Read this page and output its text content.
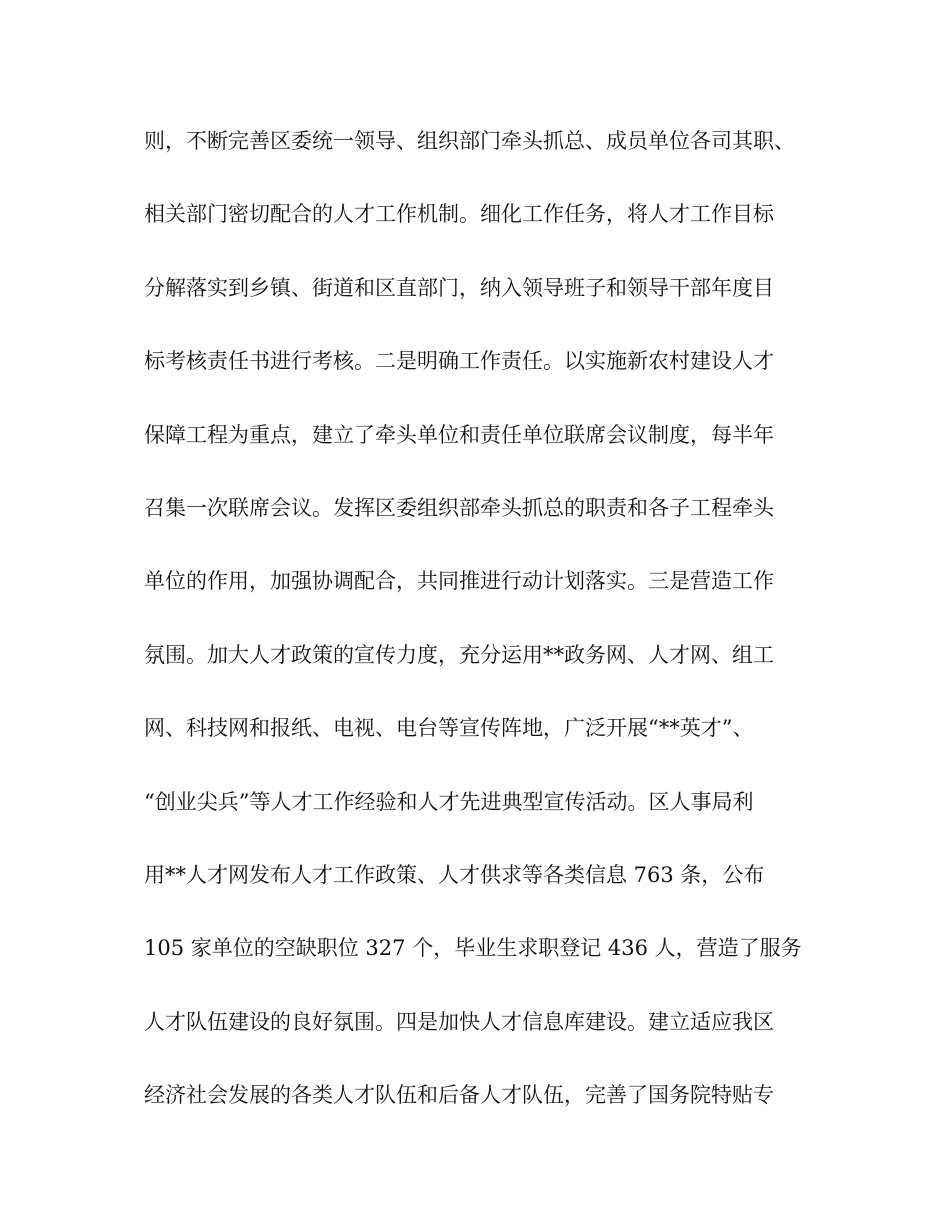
则，不断完善区委统一领导、组织部门牵头抓总、成员单位各司其职、
相关部门密切配合的人才工作机制。细化工作任务，将人才工作目标
分解落实到乡镇、街道和区直部门，纳入领导班子和领导干部年度目
标考核责任书进行考核。二是明确工作责任。以实施新农村建设人才
保障工程为重点，建立了牵头单位和责任单位联席会议制度，每半年
召集一次联席会议。发挥区委组织部牵头抓总的职责和各子工程牵头
单位的作用，加强协调配合，共同推进行动计划落实。三是营造工作
氛围。加大人才政策的宣传力度，充分运用**政务网、人才网、组工
网、科技网和报纸、电视、电台等宣传阵地，广泛开展“**英才”、
“创业尖兵”等人才工作经验和人才先进典型宣传活动。区人事局利
用**人才网发布人才工作政策、人才供求等各类信息 763 条，公布
105 家单位的空缺职位 327 个，毕业生求职登记 436 人，营造了服务
人才队伍建设的良好氛围。四是加快人才信息库建设。建立适应我区
经济社会发展的各类人才队伍和后备人才队伍，完善了国务院特贴专
